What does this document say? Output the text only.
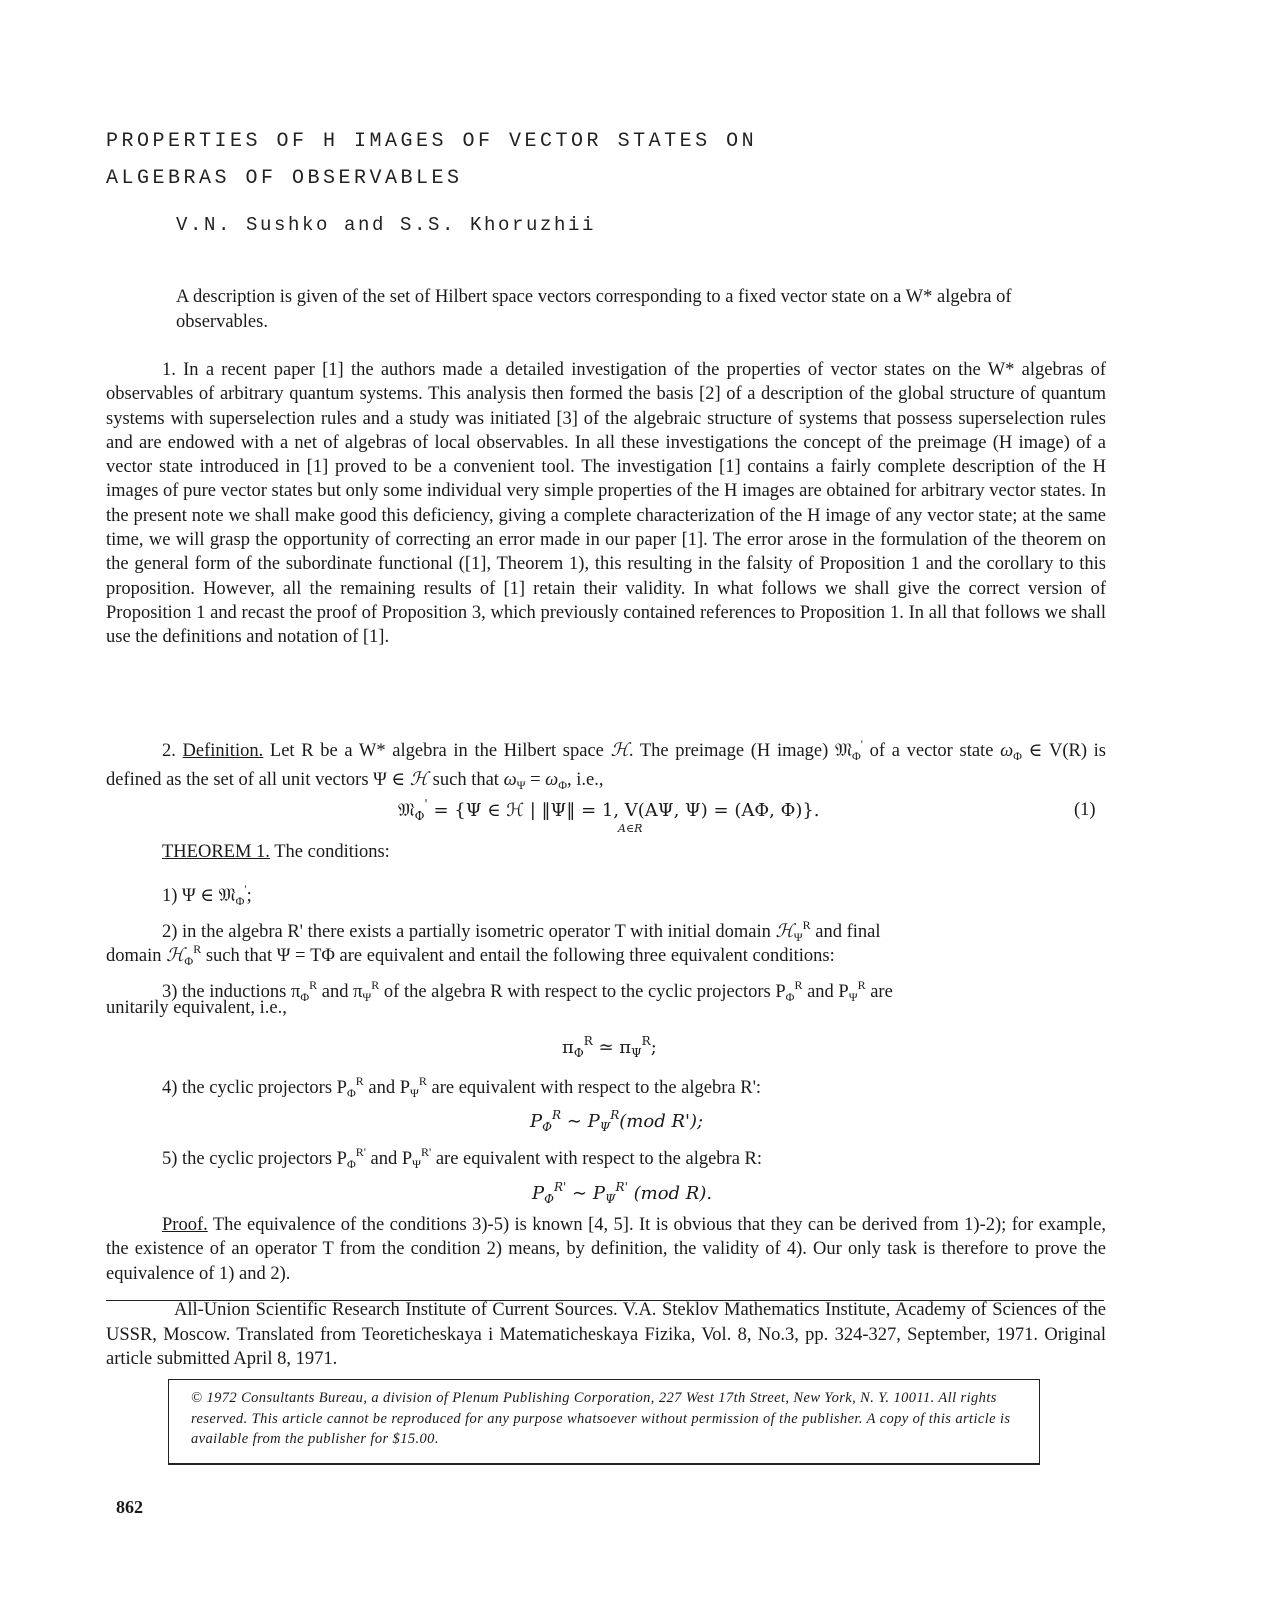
PROPERTIES OF H IMAGES OF VECTOR STATES ON
ALGEBRAS OF OBSERVABLES
V.N. Sushko and S.S. Khoruzhii

A description is given of the set of Hilbert space vectors corresponding to a fixed vector state on a W* algebra of observables.

1. In a recent paper [1] the authors made a detailed investigation of the properties of vector states on the W* algebras of observables of arbitrary quantum systems. This analysis then formed the basis [2] of a description of the global structure of quantum systems with superselection rules and a study was initiated [3] of the algebraic structure of systems that possess superselection rules and are endowed with a net of algebras of local observables. In all these investigations the concept of the preimage (H image) of a vector state introduced in [1] proved to be a convenient tool. The investigation [1] contains a fairly complete description of the H images of pure vector states but only some individual very simple properties of the H images are obtained for arbitrary vector states. In the present note we shall make good this deficiency, giving a complete characterization of the H image of any vector state; at the same time, we will grasp the opportunity of correcting an error made in our paper [1]. The error arose in the formulation of the theorem on the general form of the subordinate functional ([1], Theorem 1), this resulting in the falsity of Proposition 1 and the corollary to this proposition. However, all the remaining results of [1] retain their validity. In what follows we shall give the correct version of Proposition 1 and recast the proof of Proposition 3, which previously contained references to Proposition 1. In all that follows we shall use the definitions and notation of [1].

2. Definition. Let R be a W* algebra in the Hilbert space ℋ. The preimage (H image) 𝔐$_\Phi$' of a vector state $\omega_\Phi$ ∈ V(R) is defined as the set of all unit vectors Ψ ∈ ℋ such that $\omega_\Psi = \omega_\Phi$, i.e.,

𝔐$_\Phi$' = {Ψ ∈ ℋ | ‖Ψ‖ = 1, V(AΨ, Ψ) = (AΦ, Φ)}.
A∈R
(1)

THEOREM 1. The conditions:

1) Ψ ∈ 𝔐$_\Phi$';

2) in the algebra R' there exists a partially isometric operator T with initial domain ℋ$_\Psi^R$ and final

domain ℋ$_\Phi^R$ such that Ψ = TΦ are equivalent and entail the following three equivalent conditions:

3) the inductions $\pi_\Phi^R$ and $\pi_\Psi^R$ of the algebra R with respect to the cyclic projectors $P_\Phi^R$ and $P_\Psi^R$ are

unitarily equivalent, i.e.,

$\pi_\Phi^R$ ≃ $\pi_\Psi^R$;

4) the cyclic projectors $P_\Phi^R$ and $P_\Psi^R$ are equivalent with respect to the algebra R':

$P_\Phi^R$ ∼ $P_\Psi^R(mod$ R');

5) the cyclic projectors $P_\Phi^{R'}$ and $P_\Psi^{R'}$ are equivalent with respect to the algebra R:

$P_\Phi^{R'}$ ∼ $P_\Psi^{R'}$ (mod R).

Proof. The equivalence of the conditions 3)-5) is known [4, 5]. It is obvious that they can be derived from 1)-2); for example, the existence of an operator T from the condition 2) means, by definition, the validity of 4). Our only task is therefore to prove the equivalence of 1) and 2).

All-Union Scientific Research Institute of Current Sources. V.A. Steklov Mathematics Institute, Academy of Sciences of the USSR, Moscow. Translated from Teoreticheskaya i Matematicheskaya Fizika, Vol. 8, No.3, pp. 324-327, September, 1971. Original article submitted April 8, 1971.

© 1972 Consultants Bureau, a division of Plenum Publishing Corporation, 227 West 17th Street, New York, N. Y. 10011. All rights reserved. This article cannot be reproduced for any purpose whatsoever without permission of the publisher. A copy of this article is available from the publisher for $15.00.

862
